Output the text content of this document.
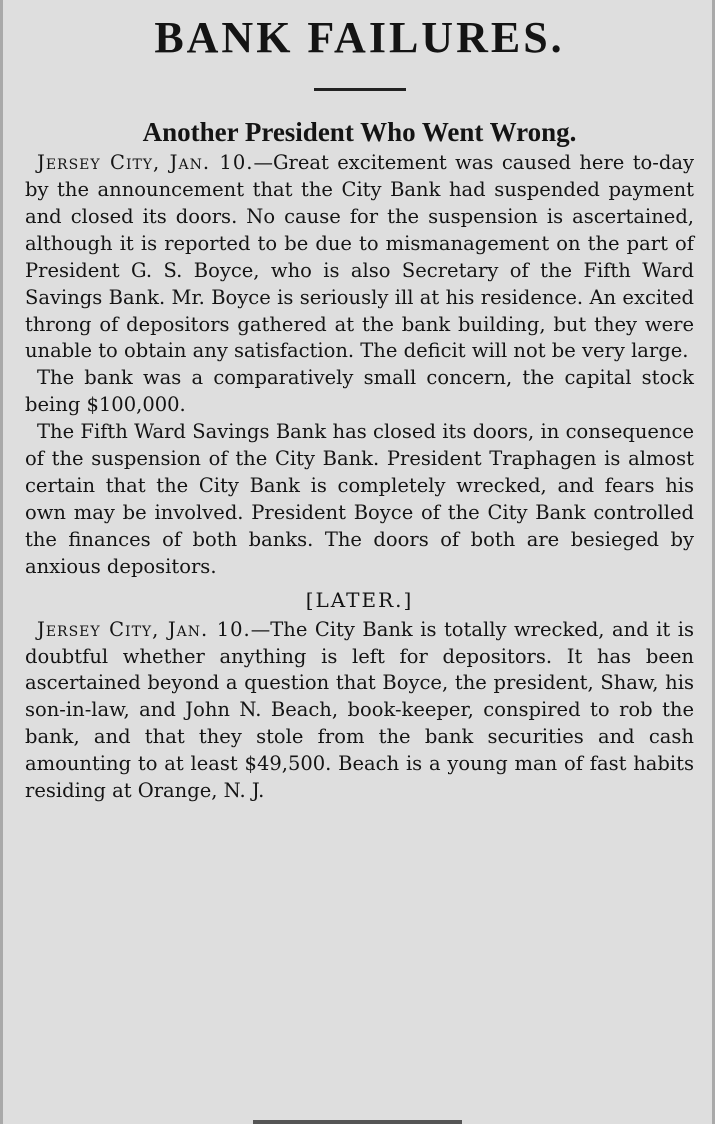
BANK FAILURES.
Another President Who Went Wrong.

Jersey City, Jan. 10.—Great excitement was caused here to-day by the announcement that the City Bank had suspended payment and closed its doors. No cause for the suspension is ascertained, although it is reported to be due to mismanagement on the part of President G. S. Boyce, who is also Secretary of the Fifth Ward Savings Bank. Mr. Boyce is seriously ill at his residence. An excited throng of depositors gathered at the bank building, but they were unable to obtain any satisfaction. The deficit will not be very large.

The bank was a comparatively small concern, the capital stock being $100,000.

The Fifth Ward Savings Bank has closed its doors, in consequence of the suspension of the City Bank. President Traphagen is almost certain that the City Bank is completely wrecked, and fears his own may be involved. President Boyce of the City Bank controlled the finances of both banks. The doors of both are besieged by anxious depositors.

[LATER.]

Jersey City, Jan. 10.—The City Bank is totally wrecked, and it is doubtful whether anything is left for depositors. It has been ascertained beyond a question that Boyce, the president, Shaw, his son-in-law, and John N. Beach, book-keeper, conspired to rob the bank, and that they stole from the bank securities and cash amounting to at least $49,500. Beach is a young man of fast habits residing at Orange, N. J.
